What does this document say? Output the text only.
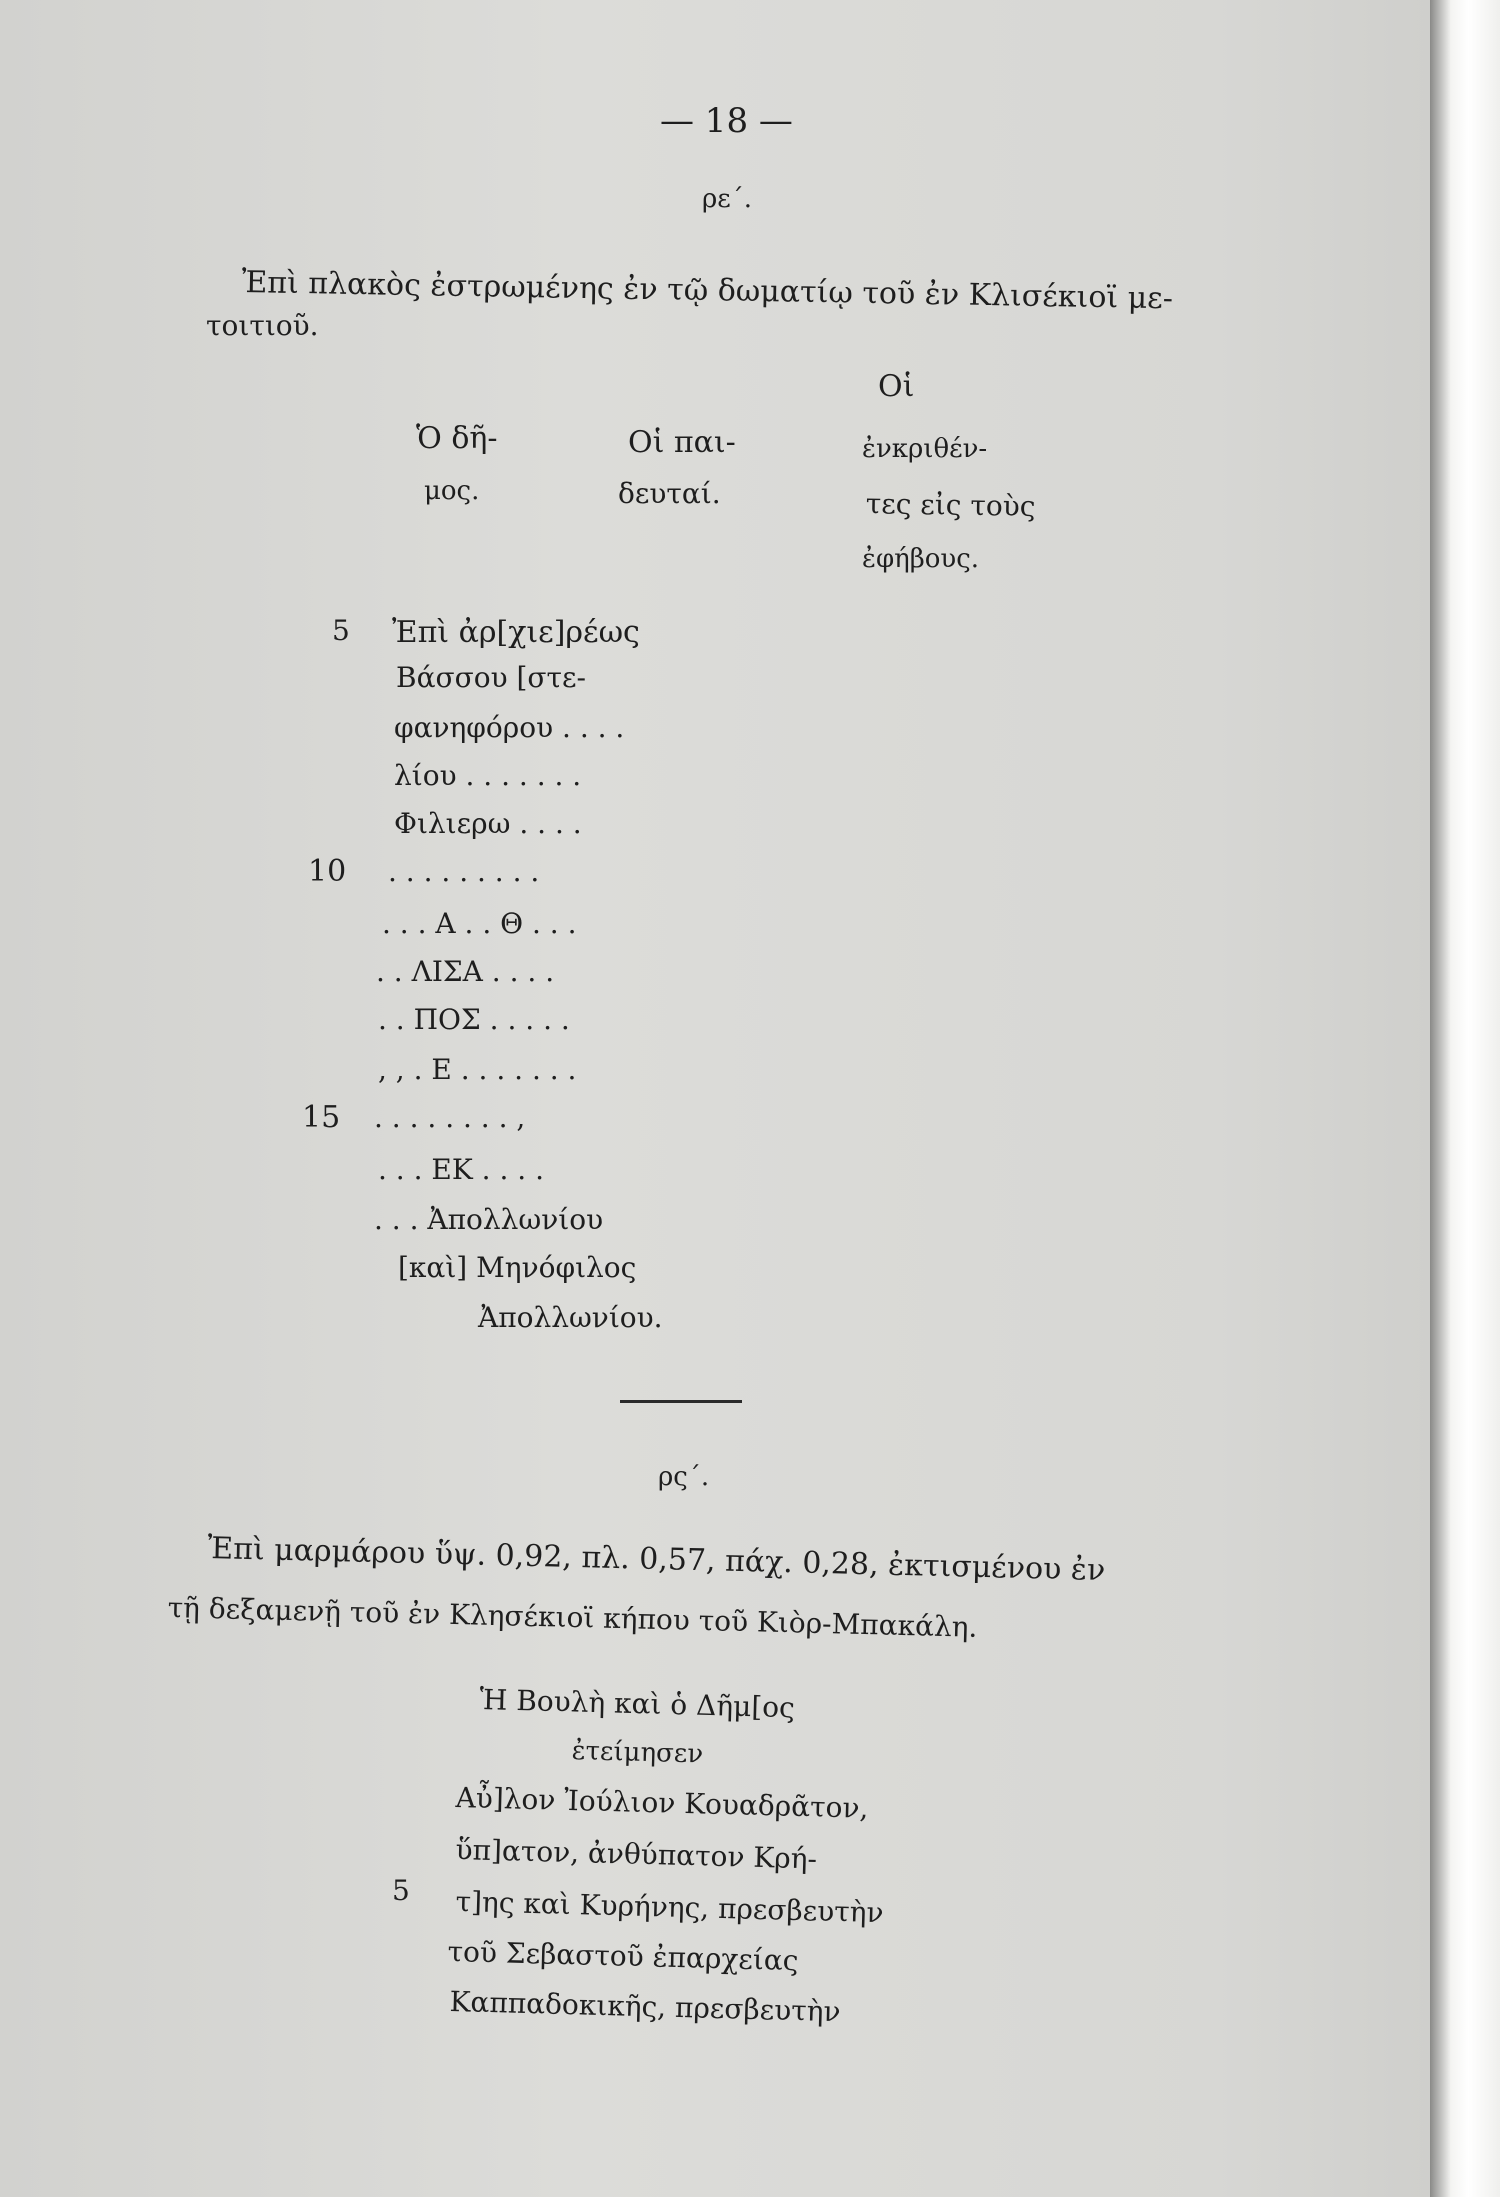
— 18 —
ρε΄.
Ἐπὶ πλακὸς ἐστρωμένης ἐν τῷ δωματίῳ τοῦ ἐν Κλισέκιοϊ με-
τοιτιοῦ.
Ὁ δῆ-
μος.
Οἱ παι-
δευταί.
Οἱ
ἐνκριθέν-
τες εἰς τοὺς
ἐφήβους.
5
10
15
Ἐπὶ ἀρ[χιε]ρέως
Βάσσου [στε-
φανηφόρου . . . .
λίου . . . . . . .
Φιλιερω . . . .
. . . . . . . . .
. . . Α . . Θ . . .
. . ΛΙΣΑ . . . .
. . ΠΟΣ . . . . .
, , . Ε . . . . . . .
. . . . . . . . ,
. . . ΕΚ . . . .
. . . Ἀπολλωνίου
[καὶ] Μηνόφιλος
Ἀπολλωνίου.
ρς΄.
Ἐπὶ μαρμάρου ὕψ. 0,92, πλ. 0,57, πάχ. 0,28, ἐκτισμένου ἐν
τῇ δεξαμενῇ τοῦ ἐν Κλησέκιοϊ κήπου τοῦ Κιὸρ-Μπακάλη.
5
Ἡ Βουλὴ καὶ ὁ Δῆμ[ος
ἐτείμησεν
Αὖ]λον Ἰούλιον Κουαδρᾶτον,
ὕπ]ατον, ἀνθύπατον Κρή-
τ]ης καὶ Κυρήνης, πρεσβευτὴν
τοῦ Σεβαστοῦ ἐπαρχείας
Καππαδοκικῆς, πρεσβευτὴν
